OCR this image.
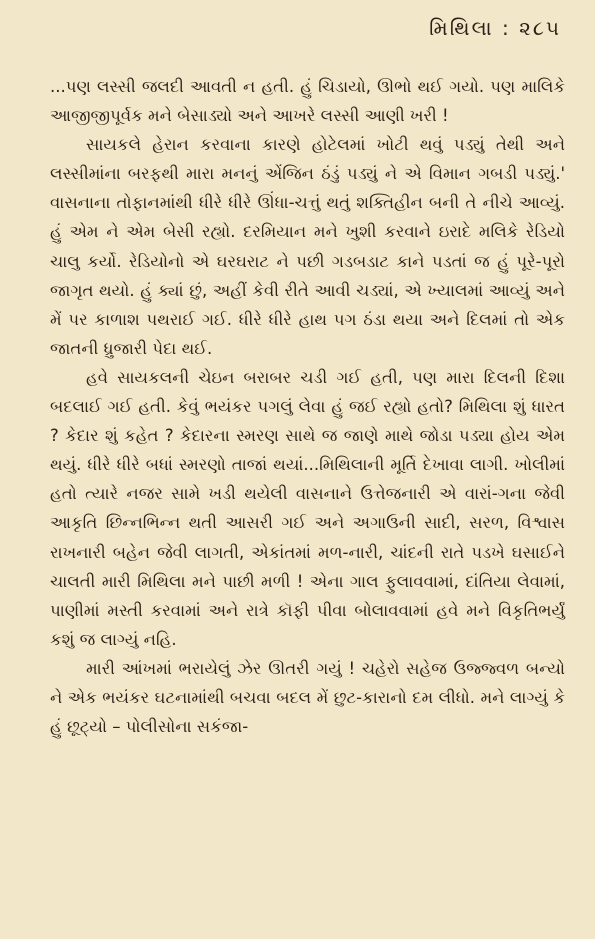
મિથિલા : ૨૮૫

...પણ લસ્સી જલદી આવતી ન હતી. હું ચિડાયો, ઊભો થઈ ગયો. પણ માલિકે આજીજીપૂર્વક મને બેસાડ્યો અને આખરે લસ્સી આણી ખરી !

સાયકલે હેરાન કરવાના કારણે હોટેલમાં ખોટી થવું પડ્યું તેથી અને લસ્સીમાંના બરફથી મારા મનનું એંજિન ઠંડું પડ્યું ને એ વિમાન ગબડી પડ્યું.' વાસનાના તોફાનમાંથી ધીરે ધીરે ઊંધા-ચત્તું થતું શક્તિહીન બની તે નીચે આવ્યું. હું એમ ને એમ બેસી રહ્યો. દરમિયાન મને ખુશી કરવાને ઇરાદે મલિકે રેડિયો ચાલુ કર્યો. રેડિયોનો એ ઘરઘરાટ ને પછી ગડબડાટ કાને પડતાં જ હું પૂરે-પૂરો જાગૃત થયો. હું ક્યાં છું, અહીં કેવી રીતે આવી ચડ્યાં, એ ખ્યાલમાં આવ્યું અને મેં પર કાળાશ પથરાઈ ગઈ. ધીરે ધીરે હાથ પગ ઠંડા થયા અને દિલમાં તો એક જાતની ધ્રુજારી પેદા થઈ.

હવે સાયકલની ચેઇન બરાબર ચડી ગઈ હતી, પણ મારા દિલની દિશા બદલાઈ ગઈ હતી. કેવું ભયંકર પગલું લેવા હું જઈ રહ્યો હતો? મિથિલા શું ધારત ? કેદાર શું કહેત ? કેદારના સ્મરણ સાથે જ જાણે માથે જોડા પડ્યા હોય એમ થયું. ધીરે ધીરે બધાં સ્મરણો તાજાં થયાં...મિથિલાની મૂર્તિ દેખાવા લાગી. ખોલીમાં હતો ત્યારે નજર સામે ખડી થયેલી વાસનાને ઉત્તેજનારી એ વારાં-ગના જેવી આકૃતિ છિન્નભિન્ન થતી આસરી ગઈ અને અગાઉની સાદી, સરળ, વિશ્વાસ રાખનારી બહેન જેવી લાગતી, એકાંતમાં મળ-નારી, ચાંદની રાતે પડખે ઘસાઈને ચાલતી મારી મિથિલા મને પાછી મળી ! એના ગાલ ફુલાવવામાં, દાંતિયા લેવામાં, પાણીમાં મસ્તી કરવામાં અને રાત્રે કૉફી પીવા બોલાવવામાં હવે મને વિકૃતિભર્યું કશું જ લાગ્યું નહિ.

મારી આંખમાં ભરાયેલું ઝેર ઊતરી ગયું ! ચહેરો સહેજ ઉજ્જ્વળ બન્યો ને એક ભયંકર ઘટનામાંથી બચવા બદલ મેં છુટ-કારાનો દમ લીધો. મને લાગ્યું કે હું છૂટ્યો – પોલીસોના સકંજા-
